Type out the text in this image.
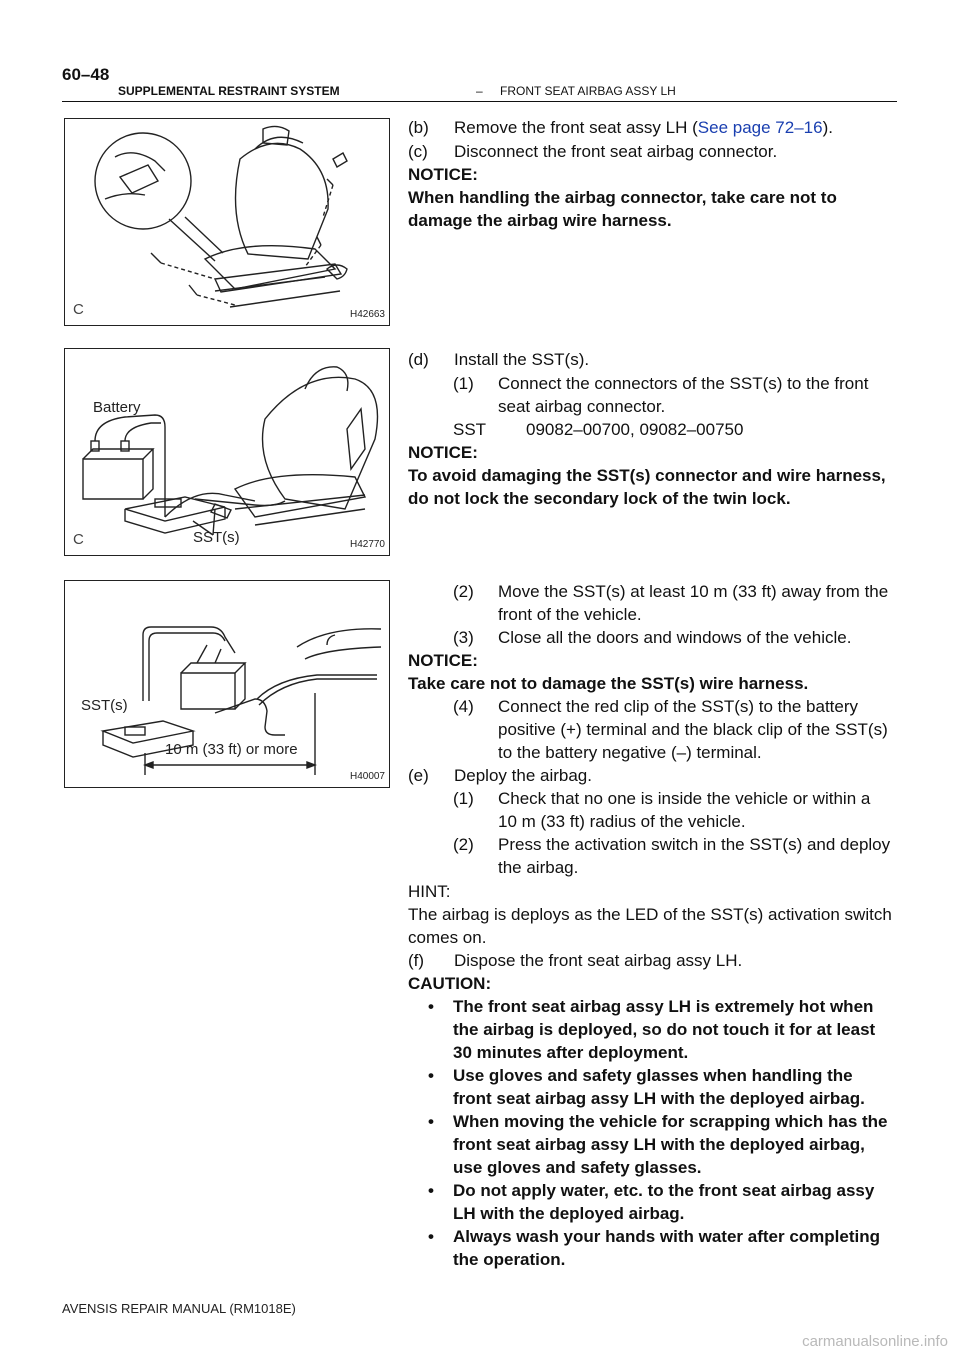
60–48
SUPPLEMENTAL RESTRAINT SYSTEM	– FRONT SEAT AIRBAG ASSY LH
C	H42663
Battery
SST(s)
C	H42770
SST(s)
10 m (33 ft) or more
H40007
(b) Remove the front seat assy LH (See page 72–16).
(c) Disconnect the front seat airbag connector.
NOTICE:
When handling the airbag connector, take care not to
damage the airbag wire harness.
(d) Install the SST(s).
(1) Connect the connectors of the SST(s) to the front
seat airbag connector.
SST 09082–00700, 09082–00750
NOTICE:
To avoid damaging the SST(s) connector and wire harness,
do not lock the secondary lock of the twin lock.
(2) Move the SST(s) at least 10 m (33 ft) away from the
front of the vehicle.
(3) Close all the doors and windows of the vehicle.
NOTICE:
Take care not to damage the SST(s) wire harness.
(4) Connect the red clip of the SST(s) to the battery
positive (+) terminal and the black clip of the SST(s)
to the battery negative (–) terminal.
(e) Deploy the airbag.
(1) Check that no one is inside the vehicle or within a
10 m (33 ft) radius of the vehicle.
(2) Press the activation switch in the SST(s) and deploy
the airbag.
HINT:
The airbag is deploys as the LED of the SST(s) activation switch
comes on.
(f) Dispose the front seat airbag assy LH.
CAUTION:
• The front seat airbag assy LH is extremely hot when
the airbag is deployed, so do not touch it for at least
30 minutes after deployment.
• Use gloves and safety glasses when handling the
front seat airbag assy LH with the deployed airbag.
• When moving the vehicle for scrapping which has the
front seat airbag assy LH with the deployed airbag,
use gloves and safety glasses.
• Do not apply water, etc. to the front seat airbag assy
LH with the deployed airbag.
• Always wash your hands with water after completing
the operation.
AVENSIS REPAIR MANUAL (RM1018E)
carmanualsonline.info
